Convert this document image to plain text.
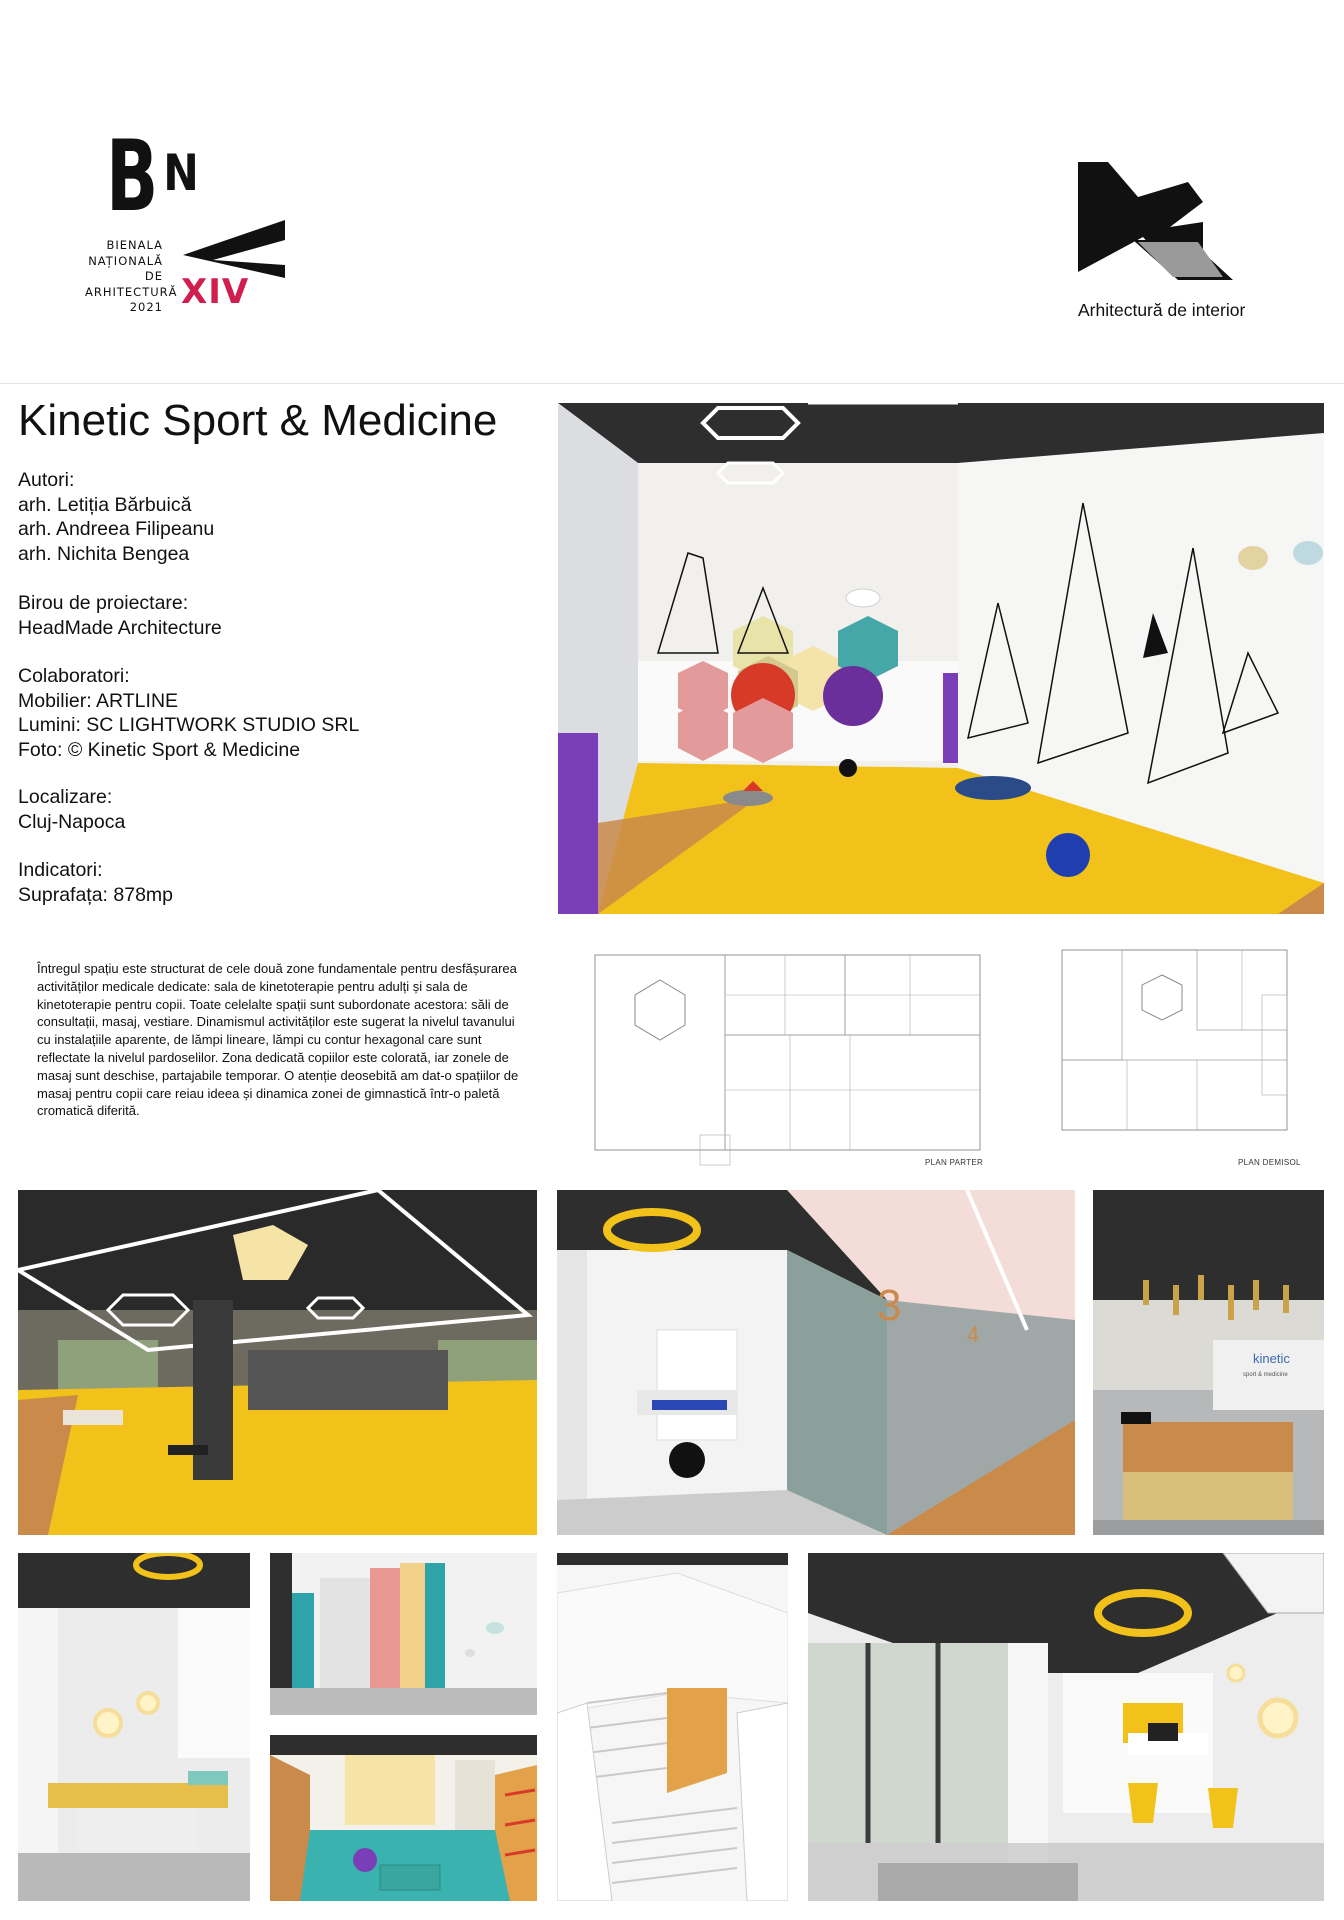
B N
BIENALA
NAȚIONALĂ
DE
ARHITECTURĂ
2021 XIV	Arhitectură de interior
Kinetic Sport & Medicine
Autori:
arh. Letiția Bărbuică
arh. Andreea Filipeanu
arh. Nichita Bengea
Birou de proiectare:
HeadMade Architecture
Colaboratori:
Mobilier: ARTLINE
Lumini: SC LIGHTWORK STUDIO SRL
Foto: © Kinetic Sport & Medicine
Localizare:
Cluj-Napoca
Indicatori:
Suprafața: 878mp
Întregul spațiu este structurat de cele două zone fundamentale pentru desfășurarea activităților medicale dedicate: sala de kinetoterapie pentru adulți și sala de kinetoterapie pentru copii. Toate celelalte spații sunt subordonate acestora: săli de consultații, masaj, vestiare. Dinamismul activităților este sugerat la nivelul tavanului cu instalațiile aparente, de lămpi lineare, lămpi cu contur hexagonal care sunt reflectate la nivelul pardoselilor. Zona dedicată copiilor este colorată, iar zonele de masaj sunt deschise, partajabile temporar. O atenție deosebită am dat-o spațiilor de masaj pentru copii care reiau ideea și dinamica zonei de gimnastică într-o paletă cromatică diferită.
PLAN PARTER	PLAN DEMISOL
3
4
kinetic
sport & medicine
